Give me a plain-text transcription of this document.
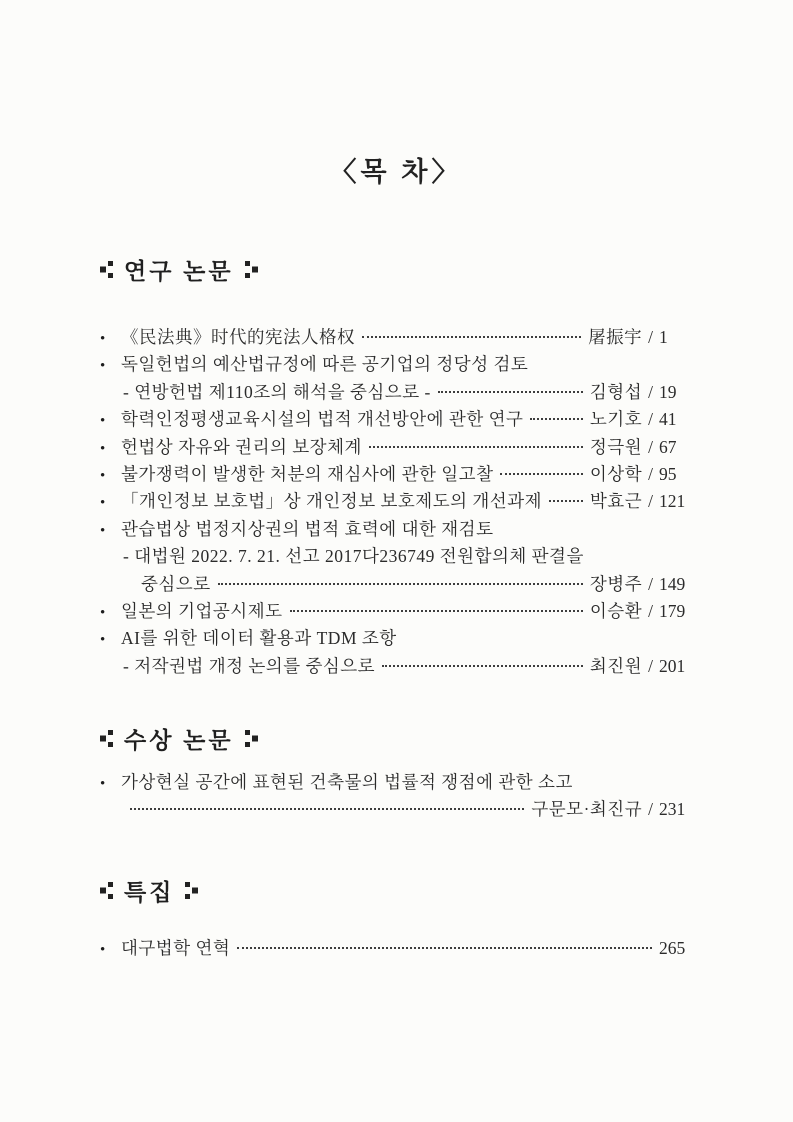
〈목 차〉
연구 논문
• 《民法典》时代的宪法人格权	屠振宇 / 1
• 독일헌법의 예산법규정에 따른 공기업의 정당성 검토
- 연방헌법 제110조의 해석을 중심으로 -	김형섭 / 19
• 학력인정평생교육시설의 법적 개선방안에 관한 연구	노기호 / 41
• 헌법상 자유와 권리의 보장체계	정극원 / 67
• 불가쟁력이 발생한 처분의 재심사에 관한 일고찰	이상학 / 95
• 「개인정보 보호법」상 개인정보 보호제도의 개선과제	박효근 / 121
• 관습법상 법정지상권의 법적 효력에 대한 재검토
- 대법원 2022. 7. 21. 선고 2017다236749 전원합의체 판결을
중심으로	장병주 / 149
• 일본의 기업공시제도	이승환 / 179
• AI를 위한 데이터 활용과 TDM 조항
- 저작권법 개정 논의를 중심으로	최진원 / 201
수상 논문
• 가상현실 공간에 표현된 건축물의 법률적 쟁점에 관한 소고
구문모·최진규 / 231
특집
• 대구법학 연혁	265
